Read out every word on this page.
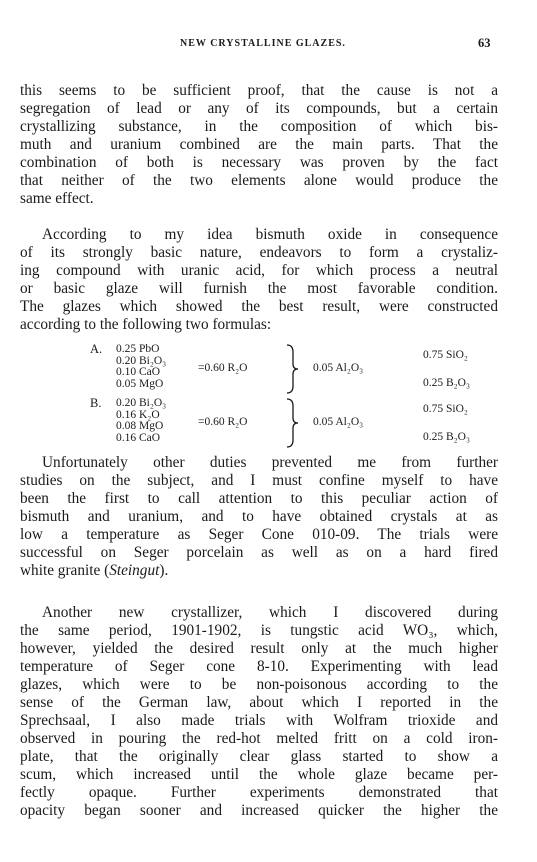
NEW CRYSTALLINE GLAZES.	63
this seems to be sufficient proof, that the cause is not a
segregation of lead or any of its compounds, but a certain
crystallizing substance, in the composition of which bis-
muth and uranium combined are the main parts. That the
combination of both is necessary was proven by the fact
that neither of the two elements alone would produce the
same effect.
According to my idea bismuth oxide in consequence
of its strongly basic nature, endeavors to form a crystaliz-
ing compound with uranic acid, for which process a neutral
or basic glaze will furnish the most favorable condition.
The glazes which showed the best result, were constructed
according to the following two formulas:
A. 0.25 PbO
0.20 Bi₂O₃
0.10 CaO
0.05 MgO
=0.60 R₂O	0.05 Al₂O₃
0.75 SiO₂
0.25 B₂O₃
B. 0.20 Bi₂O₃
0.16 K₂O
0.08 MgO
0.16 CaO
=0.60 R₂O	0.05 Al₂O₃
0.75 SiO₂
0.25 B₂O₃
Unfortunately other duties prevented me from further
studies on the subject, and I must confine myself to have
been the first to call attention to this peculiar action of
bismuth and uranium, and to have obtained crystals at as
low a temperature as Seger Cone 010-09. The trials were
successful on Seger porcelain as well as on a hard fired
white granite (Steingut).
Another new crystallizer, which I discovered during
the same period, 1901-1902, is tungstic acid WO₃, which,
however, yielded the desired result only at the much higher
temperature of Seger cone 8-10. Experimenting with lead
glazes, which were to be non-poisonous according to the
sense of the German law, about which I reported in the
Sprechsaal, I also made trials with Wolfram trioxide and
observed in pouring the red-hot melted fritt on a cold iron-
plate, that the originally clear glass started to show a
scum, which increased until the whole glaze became per-
fectly opaque. Further experiments demonstrated that
opacity began sooner and increased quicker the higher the
